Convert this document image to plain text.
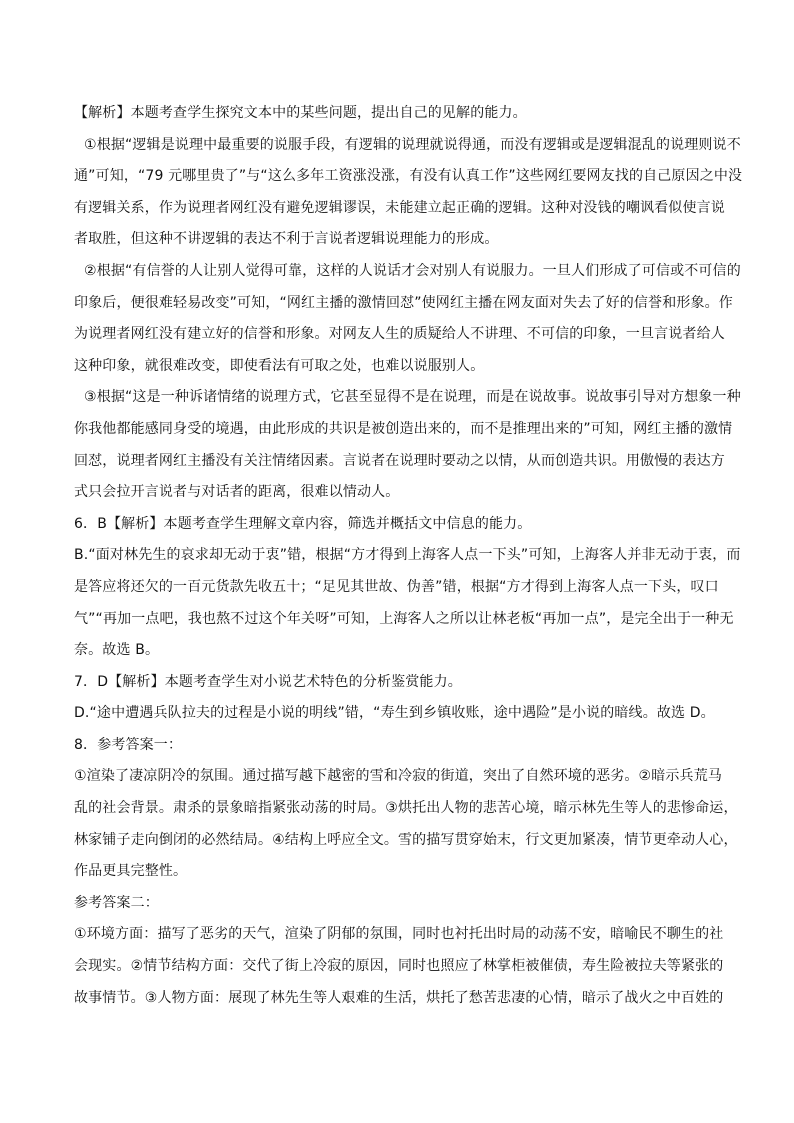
【解析】本题考查学生探究文本中的某些问题，提出自己的见解的能力。
①根据“逻辑是说理中最重要的说服手段，有逻辑的说理就说得通，而没有逻辑或是逻辑混乱的说理则说不
通”可知，“79 元哪里贵了”与“这么多年工资涨没涨，有没有认真工作”这些网红要网友找的自己原因之中没
有逻辑关系，作为说理者网红没有避免逻辑谬误，未能建立起正确的逻辑。这种对没钱的嘲讽看似使言说
者取胜，但这种不讲逻辑的表达不利于言说者逻辑说理能力的形成。
②根据“有信誉的人让别人觉得可靠，这样的人说话才会对别人有说服力。一旦人们形成了可信或不可信的
印象后，便很难轻易改变”可知，“网红主播的激情回怼”使网红主播在网友面对失去了好的信誉和形象。作
为说理者网红没有建立好的信誉和形象。对网友人生的质疑给人不讲理、不可信的印象，一旦言说者给人
这种印象，就很难改变，即使看法有可取之处，也难以说服别人。
③根据“这是一种诉诸情绪的说理方式，它甚至显得不是在说理，而是在说故事。说故事引导对方想象一种
你我他都能感同身受的境遇，由此形成的共识是被创造出来的，而不是推理出来的”可知，网红主播的激情
回怼，说理者网红主播没有关注情绪因素。言说者在说理时要动之以情，从而创造共识。用傲慢的表达方
式只会拉开言说者与对话者的距离，很难以情动人。
6．B【解析】本题考查学生理解文章内容，筛选并概括文中信息的能力。
B.“面对林先生的哀求却无动于衷”错，根据“方才得到上海客人点一下头”可知，上海客人并非无动于衷，而
是答应将还欠的一百元货款先收五十；“足见其世故、伪善”错，根据“方才得到上海客人点一下头，叹口
气”“再加一点吧，我也熬不过这个年关呀”可知，上海客人之所以让林老板“再加一点”，是完全出于一种无
奈。故选 B。
7．D【解析】本题考查学生对小说艺术特色的分析鉴赏能力。
D.“途中遭遇兵队拉夫的过程是小说的明线”错，“寿生到乡镇收账，途中遇险”是小说的暗线。故选 D。
8．参考答案一：
①渲染了凄凉阴冷的氛围。通过描写越下越密的雪和冷寂的街道，突出了自然环境的恶劣。②暗示兵荒马
乱的社会背景。肃杀的景象暗指紧张动荡的时局。③烘托出人物的悲苦心境，暗示林先生等人的悲惨命运，
林家铺子走向倒闭的必然结局。④结构上呼应全文。雪的描写贯穿始末，行文更加紧凑，情节更牵动人心，
作品更具完整性。
参考答案二：
①环境方面：描写了恶劣的天气，渲染了阴郁的氛围，同时也衬托出时局的动荡不安，暗喻民不聊生的社
会现实。②情节结构方面：交代了街上冷寂的原因，同时也照应了林掌柜被催债，寿生险被拉夫等紧张的
故事情节。③人物方面：展现了林先生等人艰难的生活，烘托了愁苦悲凄的心情，暗示了战火之中百姓的
